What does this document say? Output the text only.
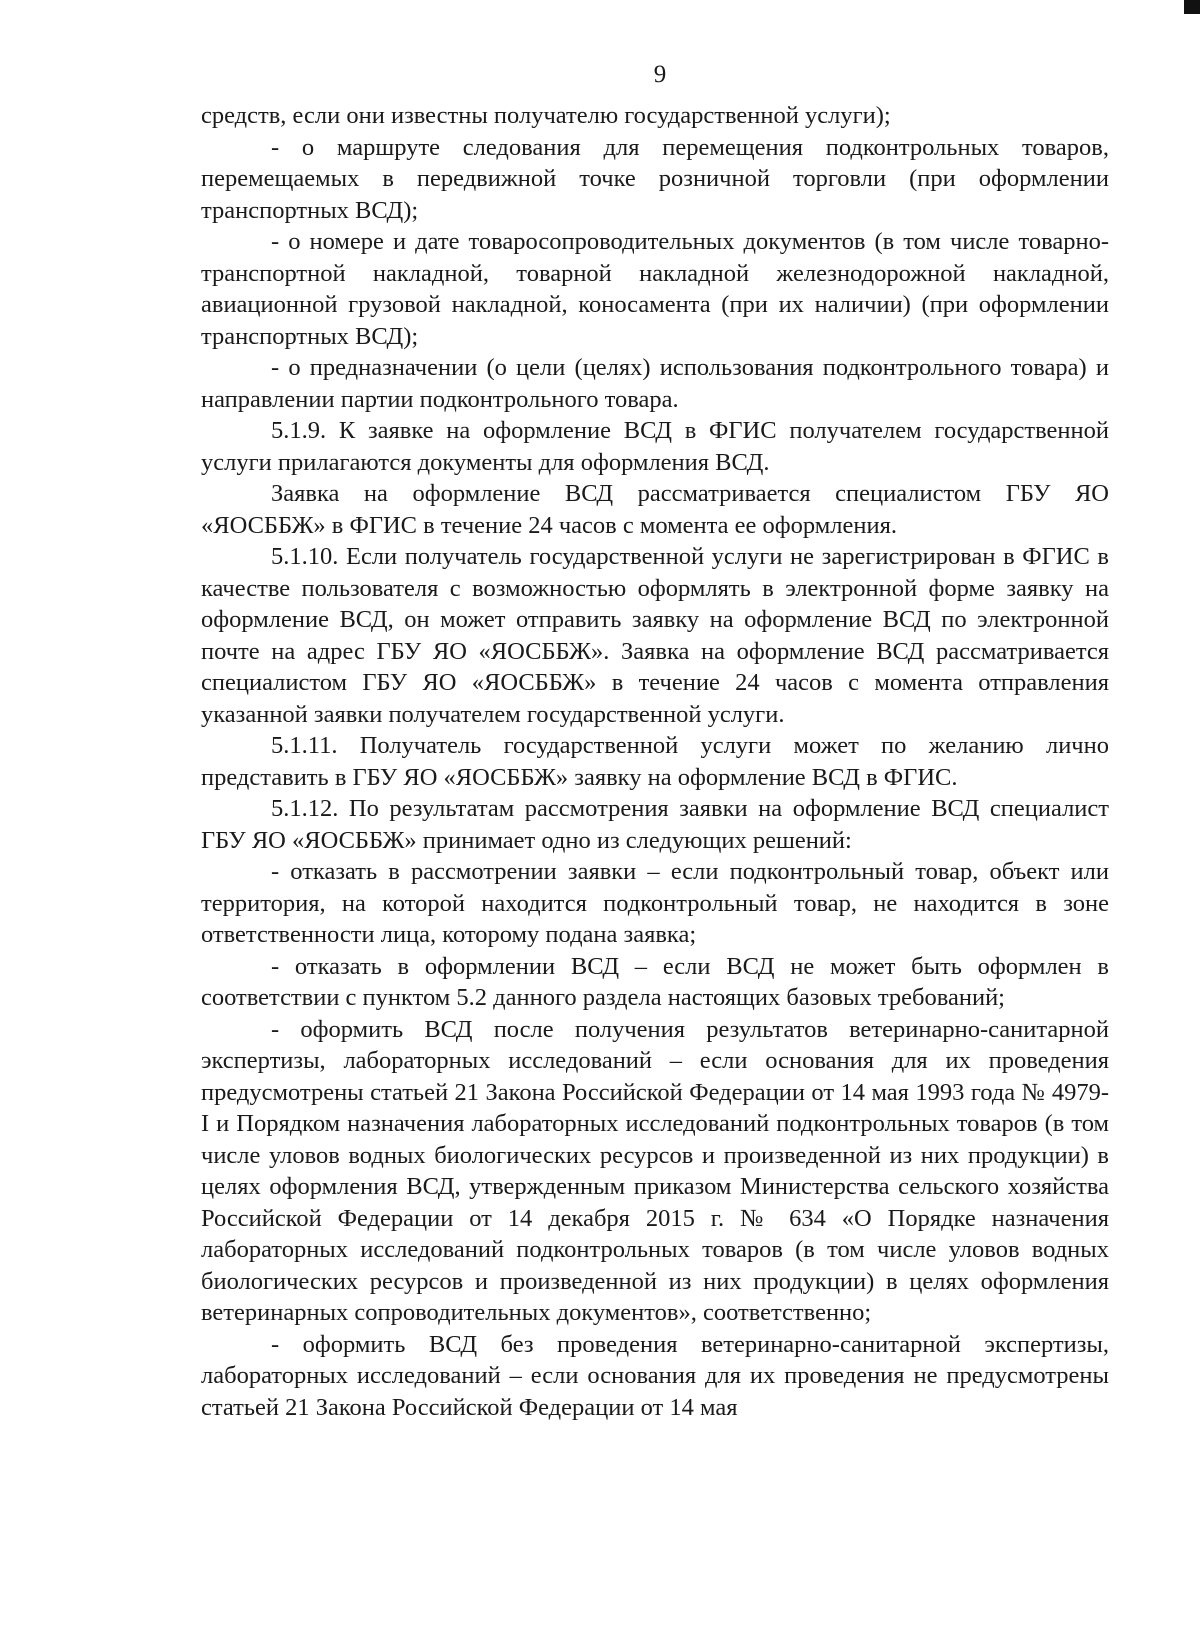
9

средств, если они известны получателю государственной услуги);

- о маршруте следования для перемещения подконтрольных товаров, перемещаемых в передвижной точке розничной торговли (при оформлении транспортных ВСД);

- о номере и дате товаросопроводительных документов (в том числе товарно-транспортной накладной, товарной накладной железнодорожной накладной, авиационной грузовой накладной, коносамента (при их наличии) (при оформлении транспортных ВСД);

- о предназначении (о цели (целях) использования подконтрольного товара) и направлении партии подконтрольного товара.

5.1.9. К заявке на оформление ВСД в ФГИС получателем государственной услуги прилагаются документы для оформления ВСД.

Заявка на оформление ВСД рассматривается специалистом ГБУ ЯО «ЯОСББЖ» в ФГИС в течение 24 часов с момента ее оформления.

5.1.10. Если получатель государственной услуги не зарегистрирован в ФГИС в качестве пользователя с возможностью оформлять в электронной форме заявку на оформление ВСД, он может отправить заявку на оформление ВСД по электронной почте на адрес ГБУ ЯО «ЯОСББЖ». Заявка на оформление ВСД рассматривается специалистом ГБУ ЯО «ЯОСББЖ» в течение 24 часов с момента отправления указанной заявки получателем государственной услуги.

5.1.11. Получатель государственной услуги может по желанию лично представить в ГБУ ЯО «ЯОСББЖ» заявку на оформление ВСД в ФГИС.

5.1.12. По результатам рассмотрения заявки на оформление ВСД специалист ГБУ ЯО «ЯОСББЖ» принимает одно из следующих решений:

- отказать в рассмотрении заявки – если подконтрольный товар, объект или территория, на которой находится подконтрольный товар, не находится в зоне ответственности лица, которому подана заявка;

- отказать в оформлении ВСД – если ВСД не может быть оформлен в соответствии с пунктом 5.2 данного раздела настоящих базовых требований;

- оформить ВСД после получения результатов ветеринарно-санитарной экспертизы, лабораторных исследований – если основания для их проведения предусмотрены статьей 21 Закона Российской Федерации от 14 мая 1993 года № 4979-I и Порядком назначения лабораторных исследований подконтрольных товаров (в том числе уловов водных биологических ресурсов и произведенной из них продукции) в целях оформления ВСД, утвержденным приказом Министерства сельского хозяйства Российской Федерации от 14 декабря 2015 г. № 634 «О Порядке назначения лабораторных исследований подконтрольных товаров (в том числе уловов водных биологических ресурсов и произведенной из них продукции) в целях оформления ветеринарных сопроводительных документов», соответственно;

- оформить ВСД без проведения ветеринарно-санитарной экспертизы, лабораторных исследований – если основания для их проведения не предусмотрены статьей 21 Закона Российской Федерации от 14 мая
